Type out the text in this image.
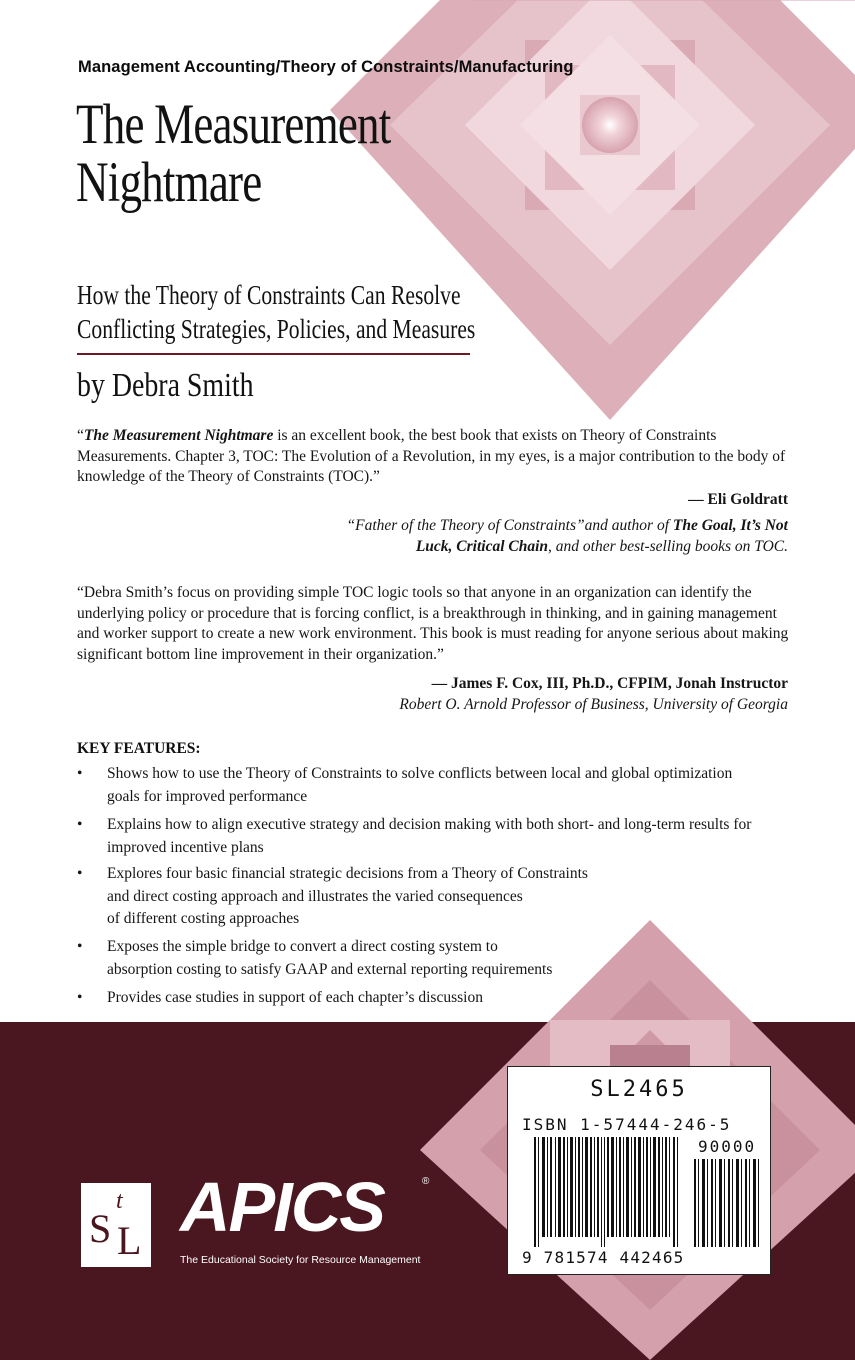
Management Accounting/Theory of Constraints/Manufacturing
The Measurement
Nightmare
How the Theory of Constraints Can Resolve
Conflicting Strategies, Policies, and Measures
by Debra Smith
“The Measurement Nightmare is an excellent book, the best book that exists on Theory of Constraints Measurements. Chapter 3, TOC: The Evolution of a Revolution, in my eyes, is a major contribution to the body of knowledge of the Theory of Constraints (TOC).”
— Eli Goldratt
“Father of the Theory of Constraints”and author of The Goal, It’s Not
Luck, Critical Chain, and other best-selling books on TOC.
“Debra Smith’s focus on providing simple TOC logic tools so that anyone in an organization can identify the underlying policy or procedure that is forcing conflict, is a breakthrough in thinking, and in gaining management and worker support to create a new work environment. This book is must reading for anyone serious about making significant bottom line improvement in their organization.”
— James F. Cox, III, Ph.D., CFPIM, Jonah Instructor
Robert O. Arnold Professor of Business, University of Georgia
KEY FEATURES:
•	Shows how to use the Theory of Constraints to solve conflicts between local and global optimization
goals for improved performance
•	Explains how to align executive strategy and decision making with both short- and long-term results for
improved incentive plans
•	Explores four basic financial strategic decisions from a Theory of Constraints
and direct costing approach and illustrates the varied consequences
of different costing approaches
•	Exposes the simple bridge to convert a direct costing system to
absorption costing to satisfy GAAP and external reporting requirements
•	Provides case studies in support of each chapter’s discussion
SL2465
ISBN 1-57444-246-5
90000
9 781574 442465
S
t
L APICS	®
The Educational Society for Resource Management
